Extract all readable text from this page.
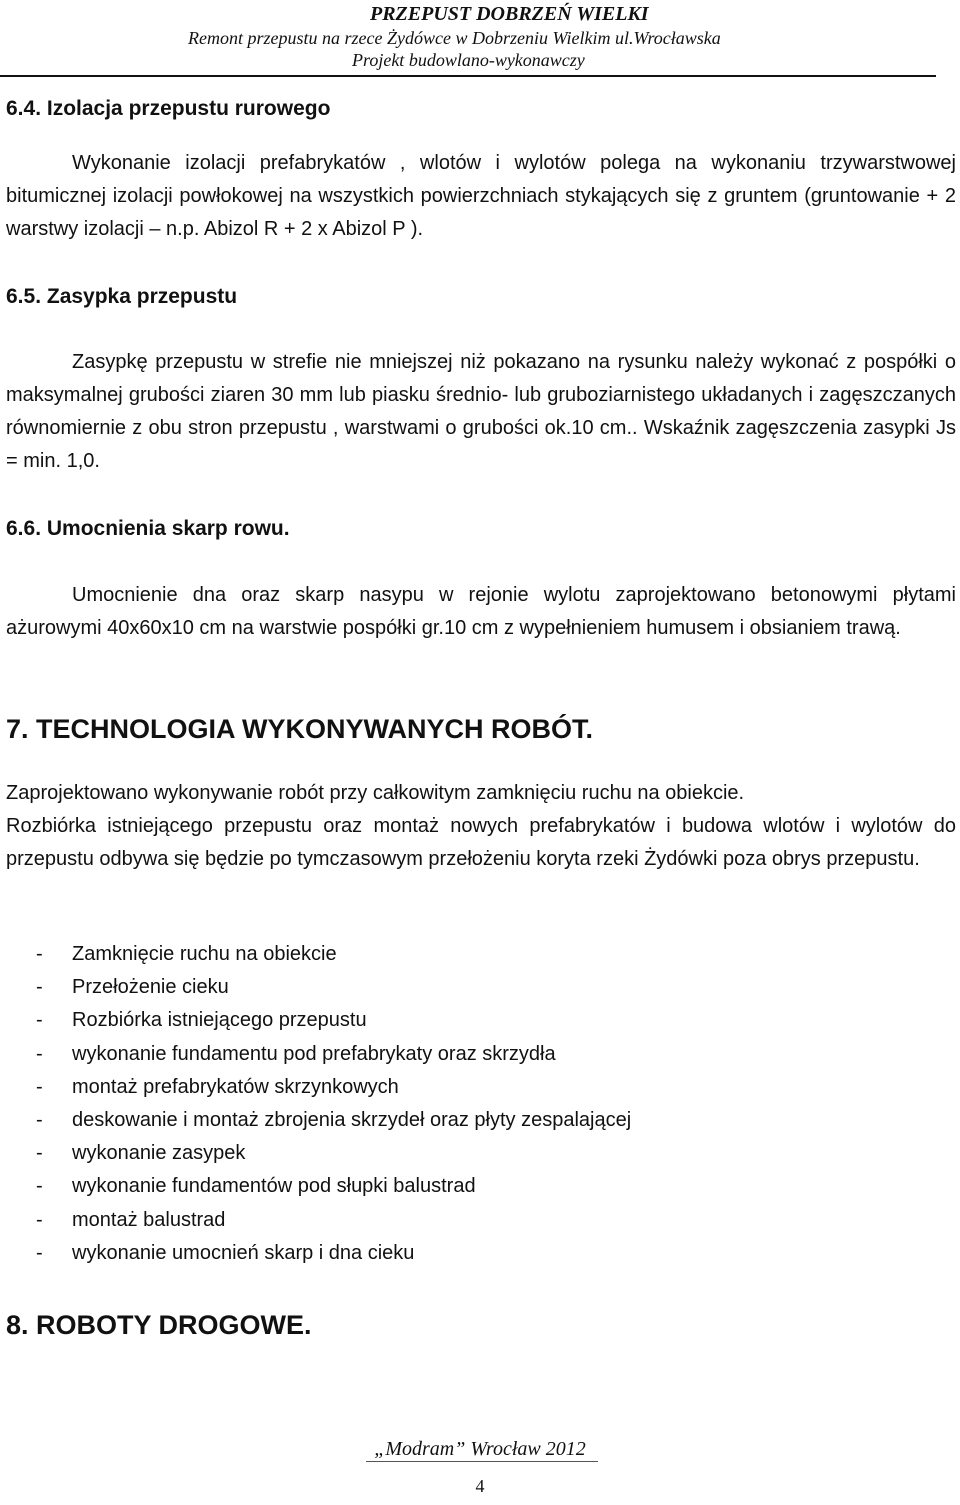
PRZEPUST DOBRZEŃ WIELKI
Remont przepustu na rzece Żydówce w Dobrzeniu Wielkim ul.Wrocławska
Projekt budowlano-wykonawczy
6.4. Izolacja przepustu rurowego
Wykonanie izolacji prefabrykatów , wlotów i wylotów polega na wykonaniu trzywarstwowej bitumicznej izolacji powłokowej na wszystkich powierzchniach stykających się z gruntem (gruntowanie + 2 warstwy izolacji – n.p. Abizol R + 2 x Abizol P ).
6.5. Zasypka przepustu
Zasypkę przepustu w strefie nie mniejszej niż pokazano na rysunku należy wykonać z pospółki o maksymalnej grubości ziaren 30 mm lub piasku średnio- lub gruboziarnistego układanych i zagęszczanych równomiernie z obu stron przepustu , warstwami o grubości ok.10 cm.. Wskaźnik zagęszczenia zasypki Js = min. 1,0.
6.6. Umocnienia skarp rowu.
Umocnienie dna oraz skarp nasypu w rejonie wylotu zaprojektowano betonowymi płytami ażurowymi 40x60x10 cm na warstwie pospółki gr.10 cm z wypełnieniem humusem i obsianiem trawą.
7. TECHNOLOGIA WYKONYWANYCH ROBÓT.
Zaprojektowano wykonywanie robót przy całkowitym zamknięciu ruchu na obiekcie.
Rozbiórka istniejącego przepustu oraz montaż nowych prefabrykatów i budowa wlotów i wylotów do przepustu odbywa się będzie po tymczasowym przełożeniu koryta rzeki Żydówki poza obrys przepustu.
- Zamknięcie ruchu na obiekcie
- Przełożenie cieku
- Rozbiórka istniejącego przepustu
- wykonanie fundamentu pod prefabrykaty oraz skrzydła
- montaż prefabrykatów skrzynkowych
- deskowanie i montaż zbrojenia skrzydeł oraz płyty zespalającej
- wykonanie zasypek
- wykonanie fundamentów pod słupki balustrad
- montaż balustrad
- wykonanie umocnień skarp i dna cieku
8. ROBOTY DROGOWE.
„Modram” Wrocław 2012
4
